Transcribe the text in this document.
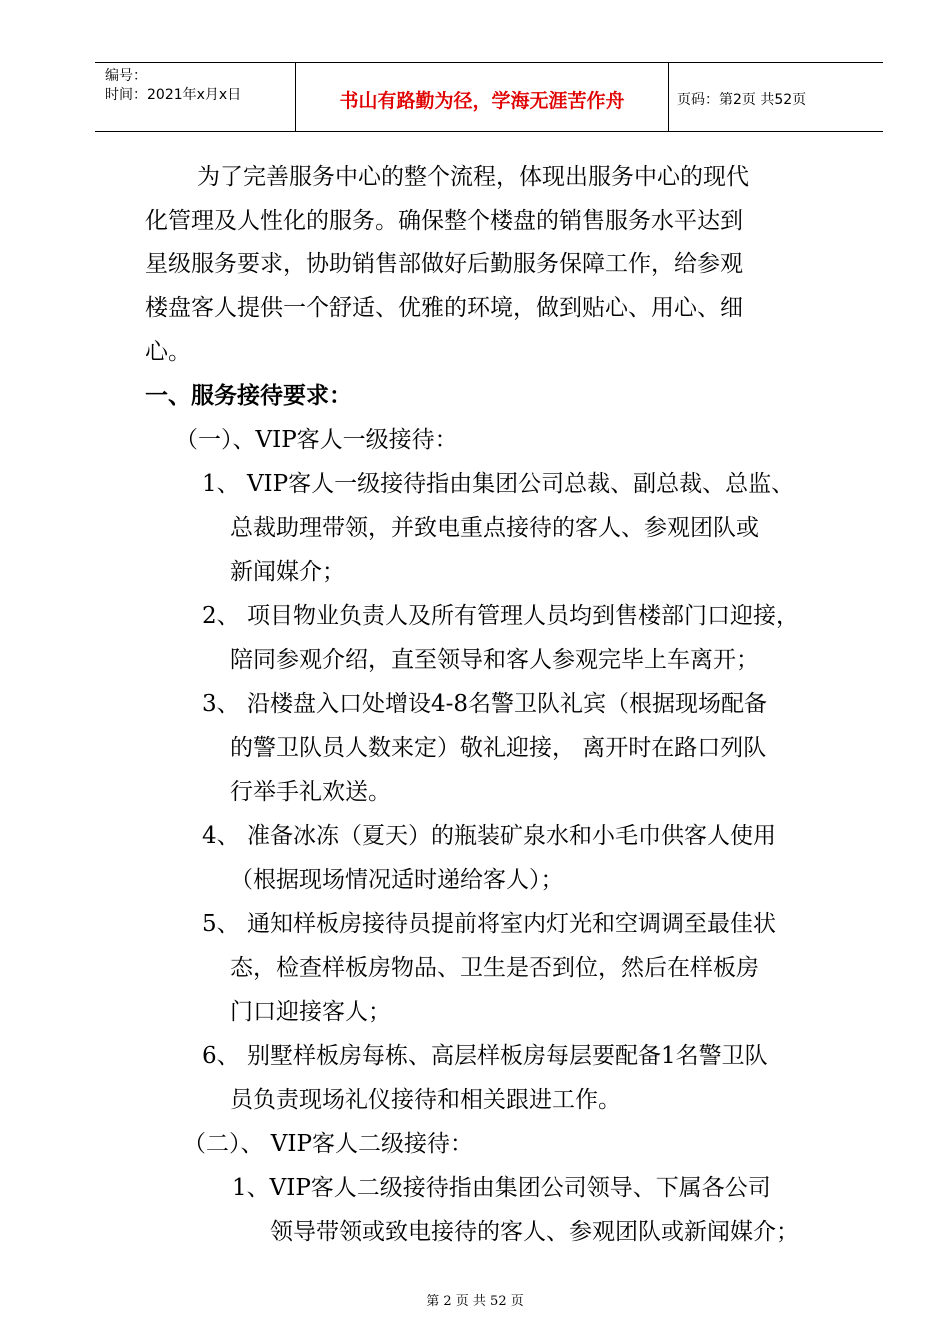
编号：
时间：2021年x月x日	书山有路勤为径，学海无涯苦作舟	页码：第2页 共52页
为了完善服务中心的整个流程，体现出服务中心的现代
化管理及人性化的服务。确保整个楼盘的销售服务水平达到
星级服务要求，协助销售部做好后勤服务保障工作，给参观
楼盘客人提供一个舒适、优雅的环境，做到贴心、用心、细
心。
一、服务接待要求：
（一）、VIP客人一级接待：
1、 VIP客人一级接待指由集团公司总裁、副总裁、总监、
总裁助理带领，并致电重点接待的客人、参观团队或
新闻媒介；
2、 项目物业负责人及所有管理人员均到售楼部门口迎接，
陪同参观介绍，直至领导和客人参观完毕上车离开；
3、 沿楼盘入口处增设4-8名警卫队礼宾（根据现场配备
的警卫队员人数来定）敬礼迎接， 离开时在路口列队
行举手礼欢送。
4、 准备冰冻（夏天）的瓶装矿泉水和小毛巾供客人使用
（根据现场情况适时递给客人）；
5、 通知样板房接待员提前将室内灯光和空调调至最佳状
态，检查样板房物品、卫生是否到位，然后在样板房
门口迎接客人；
6、 别墅样板房每栋、高层样板房每层要配备1名警卫队
员负责现场礼仪接待和相关跟进工作。
（二）、 VIP客人二级接待：
1、VIP客人二级接待指由集团公司领导、下属各公司
领导带领或致电接待的客人、参观团队或新闻媒介；
第 2 页 共 52 页
